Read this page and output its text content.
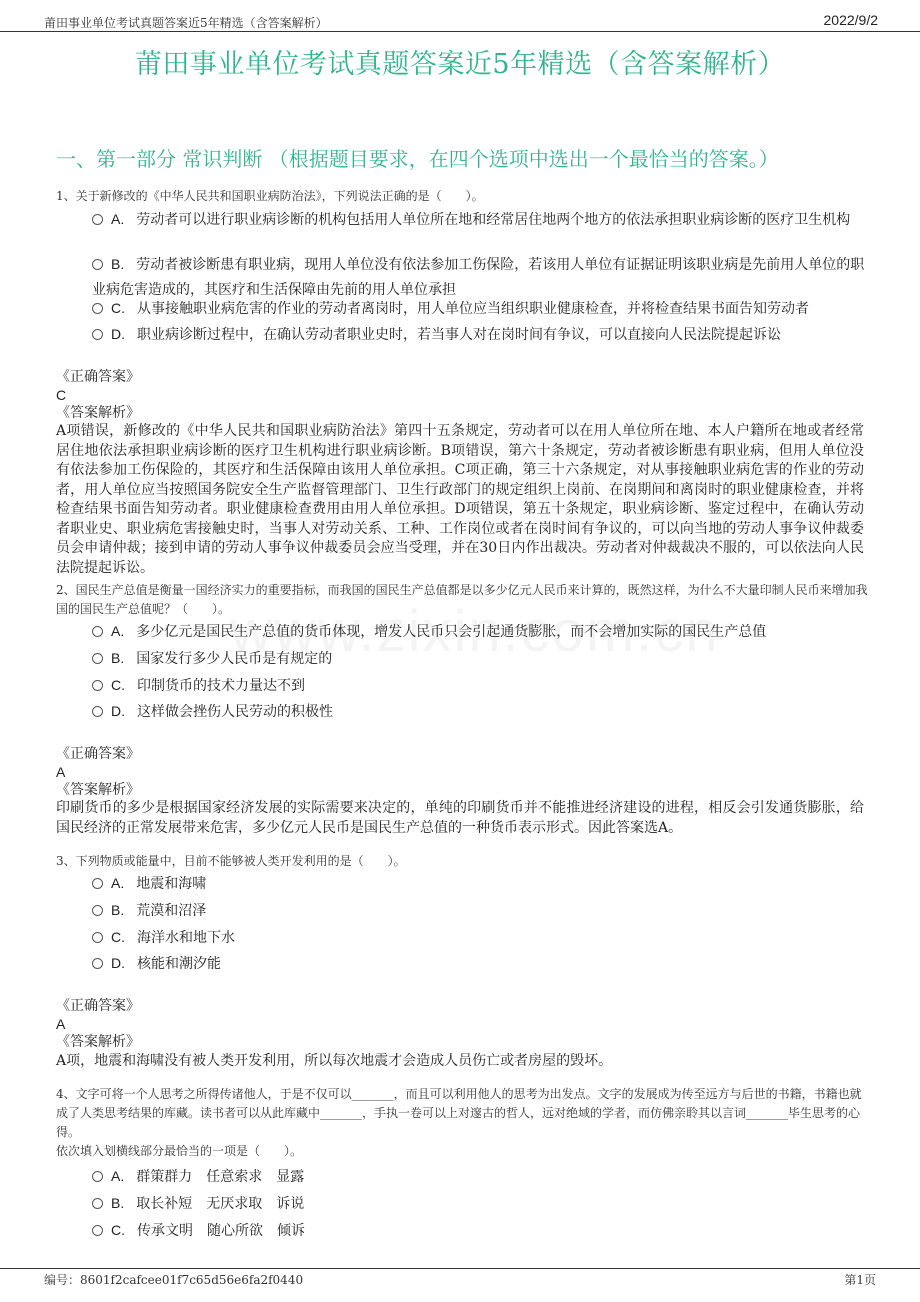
莆田事业单位考试真题答案近5年精选（含答案解析）	2022/9/2
莆田事业单位考试真题答案近5年精选（含答案解析）
一、第一部分 常识判断 （根据题目要求，在四个选项中选出一个最恰当的答案。）
1、关于新修改的《中华人民共和国职业病防治法》，下列说法正确的是（　　）。
A. 劳动者可以进行职业病诊断的机构包括用人单位所在地和经常居住地两个地方的依法承担职业病诊断的医疗卫生机构
B. 劳动者被诊断患有职业病，现用人单位没有依法参加工伤保险，若该用人单位有证据证明该职业病是先前用人单位的职业病危害造成的，其医疗和生活保障由先前的用人单位承担
C. 从事接触职业病危害的作业的劳动者离岗时，用人单位应当组织职业健康检查，并将检查结果书面告知劳动者
D. 职业病诊断过程中，在确认劳动者职业史时，若当事人对在岗时间有争议，可以直接向人民法院提起诉讼
《正确答案》
C
《答案解析》
A项错误，新修改的《中华人民共和国职业病防治法》第四十五条规定，劳动者可以在用人单位所在地、本人户籍所在地或者经常居住地依法承担职业病诊断的医疗卫生机构进行职业病诊断。B项错误，第六十条规定，劳动者被诊断患有职业病，但用人单位没有依法参加工伤保险的，其医疗和生活保障由该用人单位承担。C项正确，第三十六条规定，对从事接触职业病危害的作业的劳动者，用人单位应当按照国务院安全生产监督管理部门、卫生行政部门的规定组织上岗前、在岗期间和离岗时的职业健康检查，并将检查结果书面告知劳动者。职业健康检查费用由用人单位承担。D项错误，第五十条规定，职业病诊断、鉴定过程中，在确认劳动者职业史、职业病危害接触史时，当事人对劳动关系、工种、工作岗位或者在岗时间有争议的，可以向当地的劳动人事争议仲裁委员会申请仲裁；接到申请的劳动人事争议仲裁委员会应当受理，并在30日内作出裁决。劳动者对仲裁裁决不服的，可以依法向人民法院提起诉讼。
2、国民生产总值是衡量一国经济实力的重要指标，而我国的国民生产总值都是以多少亿元人民币来计算的，既然这样，为什么不大量印制人民币来增加我国的国民生产总值呢？（　　）。
A. 多少亿元是国民生产总值的货币体现，增发人民币只会引起通货膨胀，而不会增加实际的国民生产总值
B. 国家发行多少人民币是有规定的
C. 印制货币的技术力量达不到
D. 这样做会挫伤人民劳动的积极性
《正确答案》
A
《答案解析》
印刷货币的多少是根据国家经济发展的实际需要来决定的，单纯的印刷货币并不能推进经济建设的进程，相反会引发通货膨胀，给国民经济的正常发展带来危害，多少亿元人民币是国民生产总值的一种货币表示形式。因此答案选A。
3、下列物质或能量中，目前不能够被人类开发利用的是（　　）。
A. 地震和海啸
B. 荒漠和沼泽
C. 海洋水和地下水
D. 核能和潮汐能
《正确答案》
A
《答案解析》
A项，地震和海啸没有被人类开发利用，所以每次地震才会造成人员伤亡或者房屋的毁坏。
4、文字可将一个人思考之所得传诸他人，于是不仅可以_______，而且可以利用他人的思考为出发点。文字的发展成为传至远方与后世的书籍，书籍也就成了人类思考结果的库藏。读书者可以从此库藏中_______，手执一卷可以上对邃古的哲人，远对绝域的学者，而仿佛亲聆其以言词_______毕生思考的心得。
依次填入划横线部分最恰当的一项是（　　）。
A. 群策群力　任意索求　显露
B. 取长补短　无厌求取　诉说
C. 传承文明　随心所欲　倾诉
编号：8601f2cafcee01f7c65d56e6fa2f0440	第1页
